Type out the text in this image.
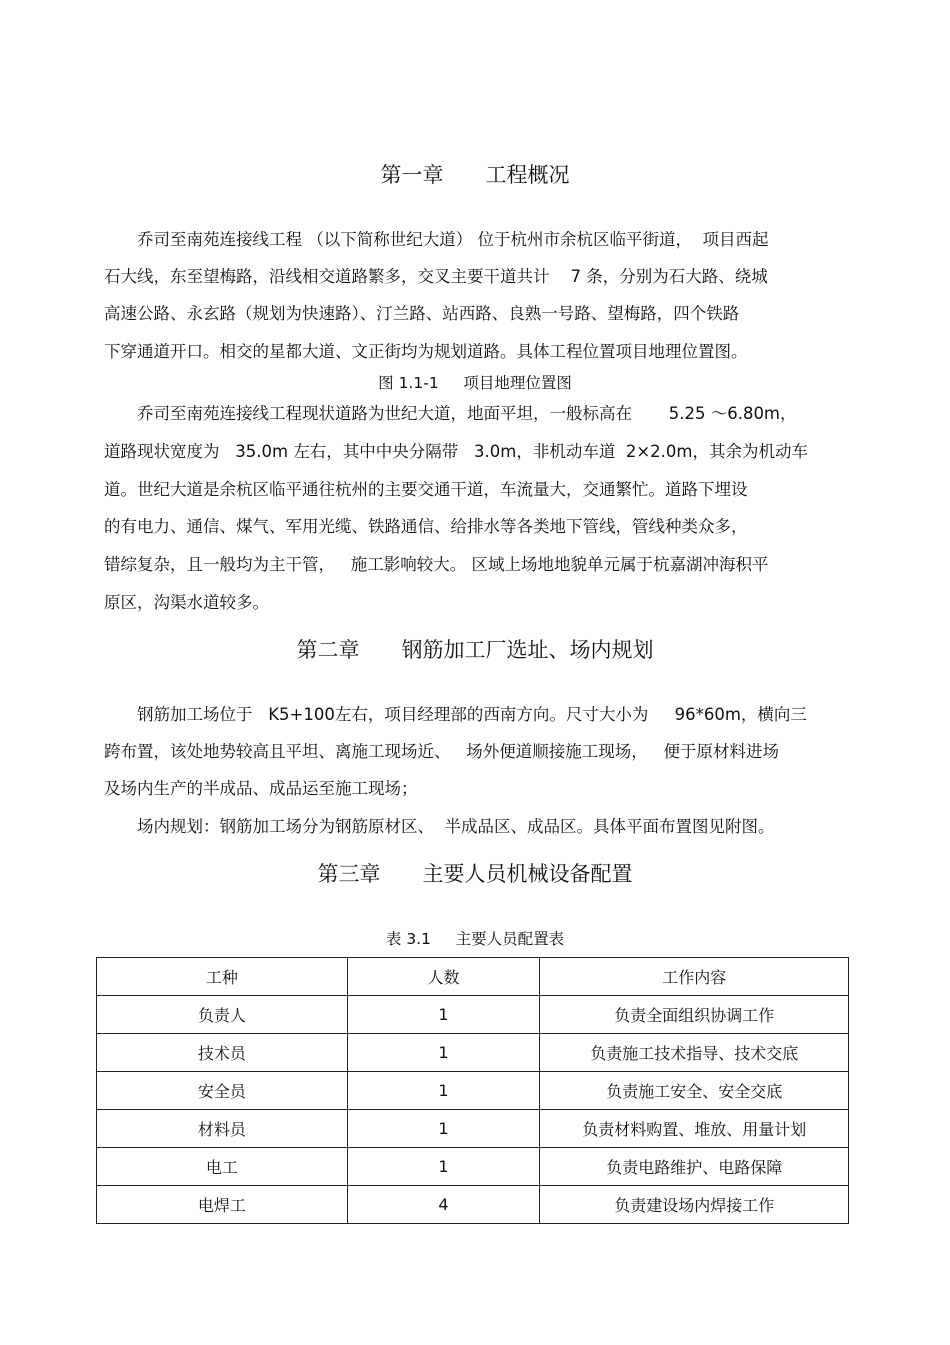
第一章　　工程概况
　　乔司至南苑连接线工程 （以下简称世纪大道） 位于杭州市余杭区临平街道，  项目西起
石大线，东至望梅路，沿线相交道路繁多，交叉主要干道共计    7 条，分别为石大路、绕城
高速公路、永玄路（规划为快速路）、汀兰路、站西路、良熟一号路、望梅路，四个铁路
下穿通道开口。相交的星都大道、文正街均为规划道路。具体工程位置项目地理位置图。
图 1.1-1     项目地理位置图
　　乔司至南苑连接线工程现状道路为世纪大道，地面平坦，一般标高在       5.25 ～6.80m，
道路现状宽度为   35.0m 左右，其中中央分隔带   3.0m，非机动车道  2×2.0m，其余为机动车
道。世纪大道是余杭区临平通往杭州的主要交通干道，车流量大，交通繁忙。道路下埋设
的有电力、通信、煤气、军用光缆、铁路通信、给排水等各类地下管线，管线种类众多，
错综复杂，且一般均为主干管，   施工影响较大。 区域上场地地貌单元属于杭嘉湖冲海积平
原区，沟渠水道较多。
第二章　　钢筋加工厂选址、场内规划
　　钢筋加工场位于   K5+100左右，项目经理部的西南方向。尺寸大小为     96*60m，横向三
跨布置，该处地势较高且平坦、离施工现场近、   场外便道顺接施工现场，   便于原材料进场
及场内生产的半成品、成品运至施工现场；
　　场内规划：钢筋加工场分为钢筋原材区、  半成品区、成品区。具体平面布置图见附图。
第三章　　主要人员机械设备配置
表 3.1     主要人员配置表
工种	人数	工作内容
负责人	1	负责全面组织协调工作
技术员	1	负责施工技术指导、技术交底
安全员	1	负责施工安全、安全交底
材料员	1	负责材料购置、堆放、用量计划
电工	1	负责电路维护、电路保障
电焊工	4	负责建设场内焊接工作
